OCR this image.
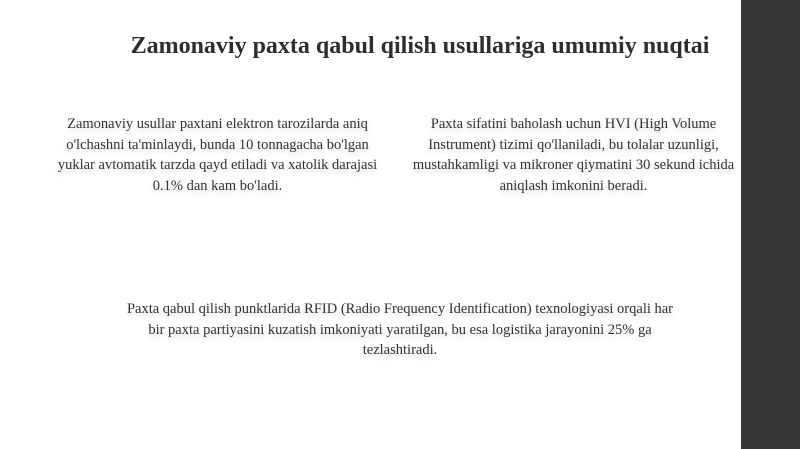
Zamonaviy paxta qabul qilish usullariga umumiy nuqtai
Zamonaviy usullar paxtani elektron tarozilarda aniq o'lchashni ta'minlaydi, bunda 10 tonnagacha bo'lgan yuklar avtomatik tarzda qayd etiladi va xatolik darajasi 0.1% dan kam bo'ladi.
Paxta sifatini baholash uchun HVI (High Volume Instrument) tizimi qo'llaniladi, bu tolalar uzunligi, mustahkamligi va mikroner qiymatini 30 sekund ichida aniqlash imkonini beradi.
Paxta qabul qilish punktlarida RFID (Radio Frequency Identification) texnologiyasi orqali har bir paxta partiyasini kuzatish imkoniyati yaratilgan, bu esa logistika jarayonini 25% ga tezlashtiradi.
